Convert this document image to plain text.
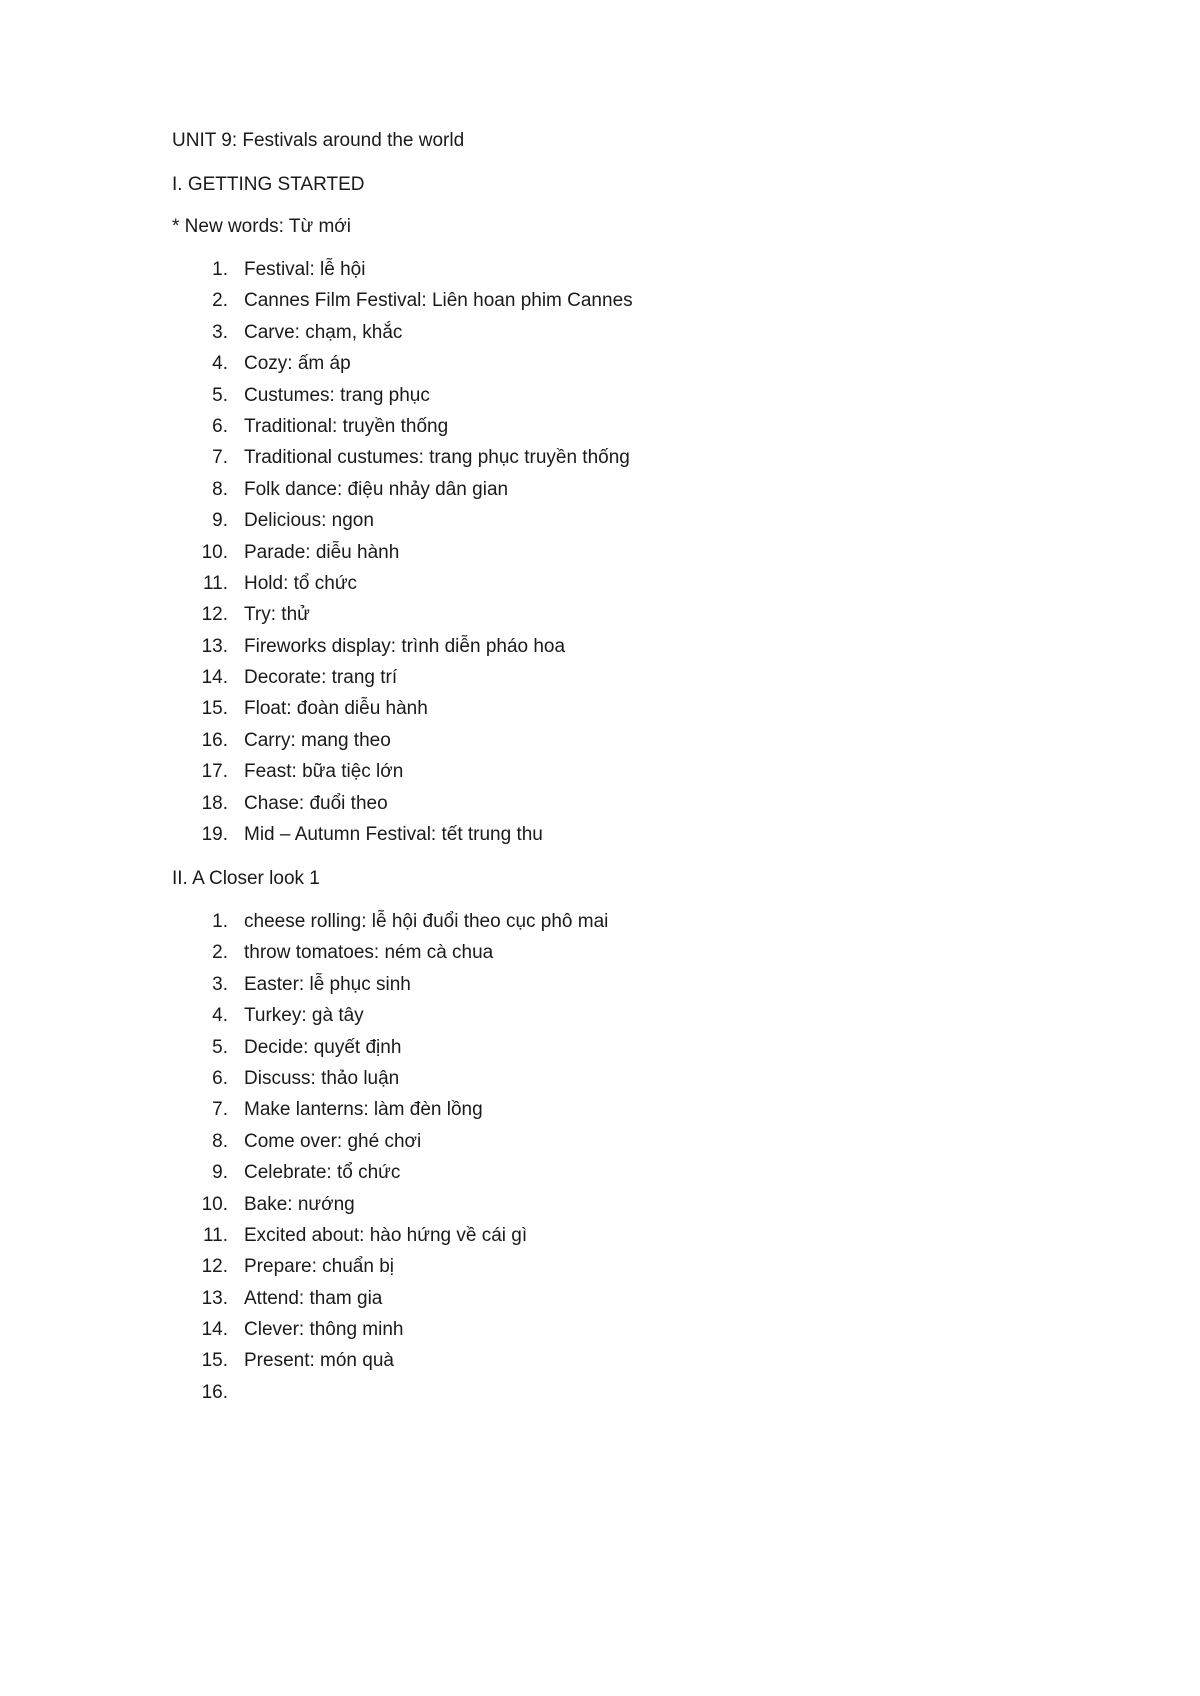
UNIT 9: Festivals around the world
I. GETTING STARTED
* New words: Từ mới
1. Festival: lễ hội
2. Cannes Film Festival: Liên hoan phim Cannes
3. Carve: chạm, khắc
4. Cozy: ấm áp
5. Custumes: trang phục
6. Traditional: truyền thống
7. Traditional custumes: trang phục truyền thống
8. Folk dance: điệu nhảy dân gian
9. Delicious: ngon
10. Parade: diễu hành
11. Hold: tổ chức
12. Try: thử
13. Fireworks display: trình diễn pháo hoa
14. Decorate: trang trí
15. Float: đoàn diễu hành
16. Carry: mang theo
17. Feast: bữa tiệc lớn
18. Chase: đuổi theo
19. Mid – Autumn Festival: tết trung thu
II. A Closer look 1
1. cheese rolling: lễ hội đuổi theo cục phô mai
2. throw tomatoes: ném cà chua
3. Easter: lễ phục sinh
4. Turkey: gà tây
5. Decide: quyết định
6. Discuss: thảo luận
7. Make lanterns: làm đèn lồng
8. Come over: ghé chơi
9. Celebrate: tổ chức
10. Bake: nướng
11. Excited about: hào hứng về cái gì
12. Prepare: chuẩn bị
13. Attend: tham gia
14. Clever: thông minh
15. Present: món quà
16.
